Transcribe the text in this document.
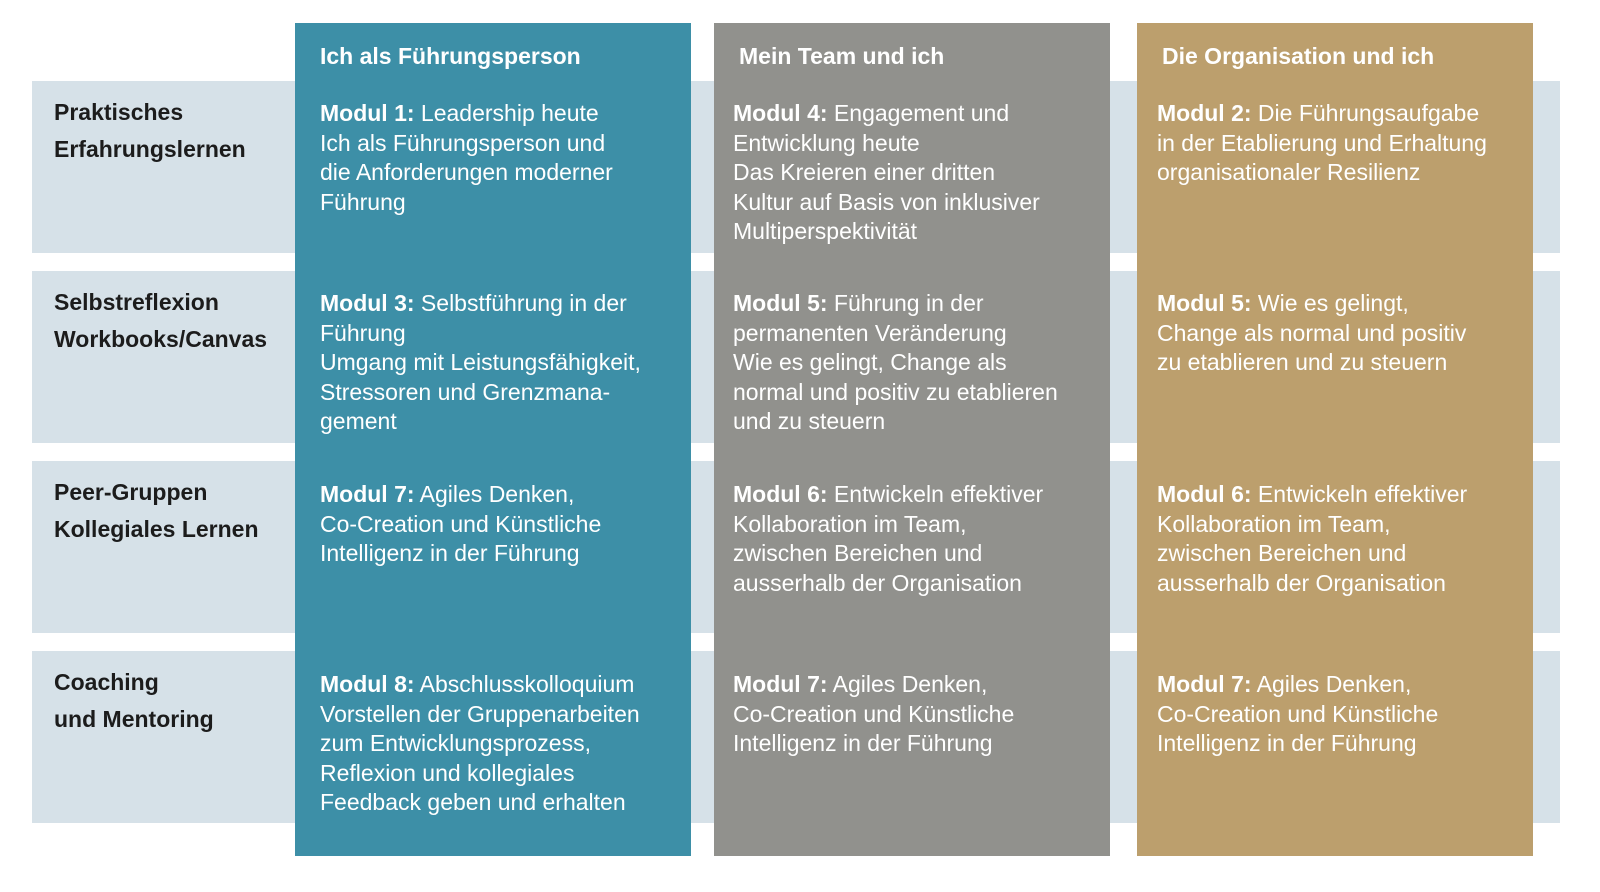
Ich als Führungsperson	Mein Team und ich	Die Organisation und ich
Praktisches
Erfahrungslernen
Selbstreflexion
Workbooks/Canvas
Peer-Gruppen
Kollegiales Lernen
Coaching
und Mentoring
Modul 1: Leadership heute
Ich als Führungsperson und
die Anforderungen moderner
Führung
Modul 4: Engagement und
Entwicklung heute
Das Kreieren einer dritten
Kultur auf Basis von inklusiver
Multiperspektivität
Modul 2: Die Führungsaufgabe
in der Etablierung und Erhaltung
organisationaler Resilienz
Modul 3: Selbstführung in der
Führung
Umgang mit Leistungsfähigkeit,
Stressoren und Grenzmana-
gement
Modul 5: Führung in der
permanenten Veränderung
Wie es gelingt, Change als
normal und positiv zu etablieren
und zu steuern
Modul 5: Wie es gelingt,
Change als normal und positiv
zu etablieren und zu steuern
Modul 7: Agiles Denken,
Co-Creation und Künstliche
Intelligenz in der Führung
Modul 6: Entwickeln effektiver
Kollaboration im Team,
zwischen Bereichen und
ausserhalb der Organisation
Modul 6: Entwickeln effektiver
Kollaboration im Team,
zwischen Bereichen und
ausserhalb der Organisation
Modul 8: Abschlusskolloquium
Vorstellen der Gruppenarbeiten
zum Entwicklungsprozess,
Reflexion und kollegiales
Feedback geben und erhalten
Modul 7: Agiles Denken,
Co-Creation und Künstliche
Intelligenz in der Führung
Modul 7: Agiles Denken,
Co-Creation und Künstliche
Intelligenz in der Führung
